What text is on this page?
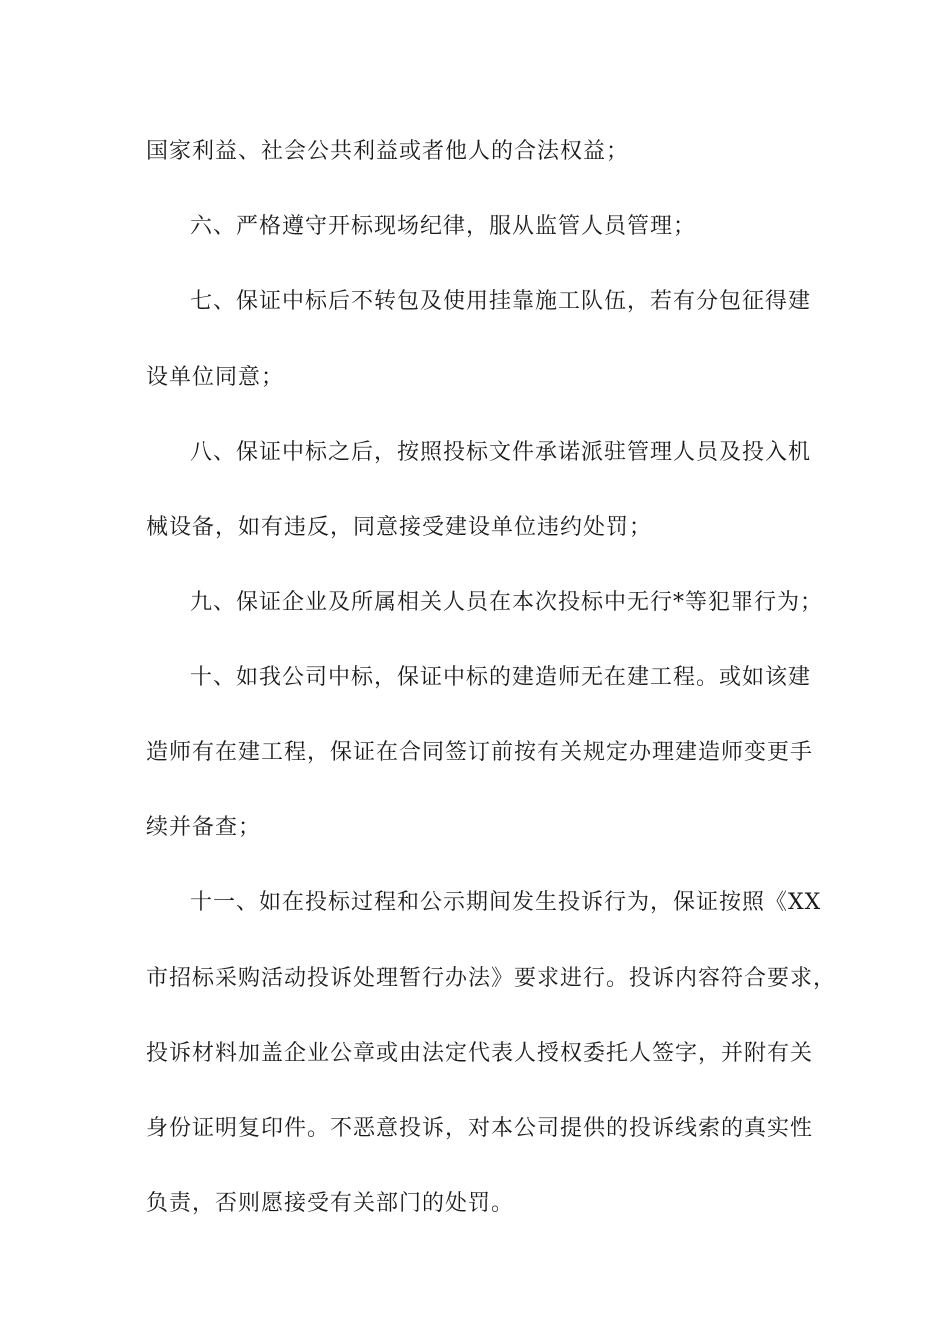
国家利益、社会公共利益或者他人的合法权益；
六、严格遵守开标现场纪律，服从监管人员管理；
七、保证中标后不转包及使用挂靠施工队伍，若有分包征得建
设单位同意；
八、保证中标之后，按照投标文件承诺派驻管理人员及投入机
械设备，如有违反，同意接受建设单位违约处罚；
九、保证企业及所属相关人员在本次投标中无行*等犯罪行为；
十、如我公司中标，保证中标的建造师无在建工程。或如该建
造师有在建工程，保证在合同签订前按有关规定办理建造师变更手
续并备查；
十一、如在投标过程和公示期间发生投诉行为，保证按照《XX
市招标采购活动投诉处理暂行办法》要求进行。投诉内容符合要求，
投诉材料加盖企业公章或由法定代表人授权委托人签字，并附有关
身份证明复印件。不恶意投诉，对本公司提供的投诉线索的真实性
负责，否则愿接受有关部门的处罚。
